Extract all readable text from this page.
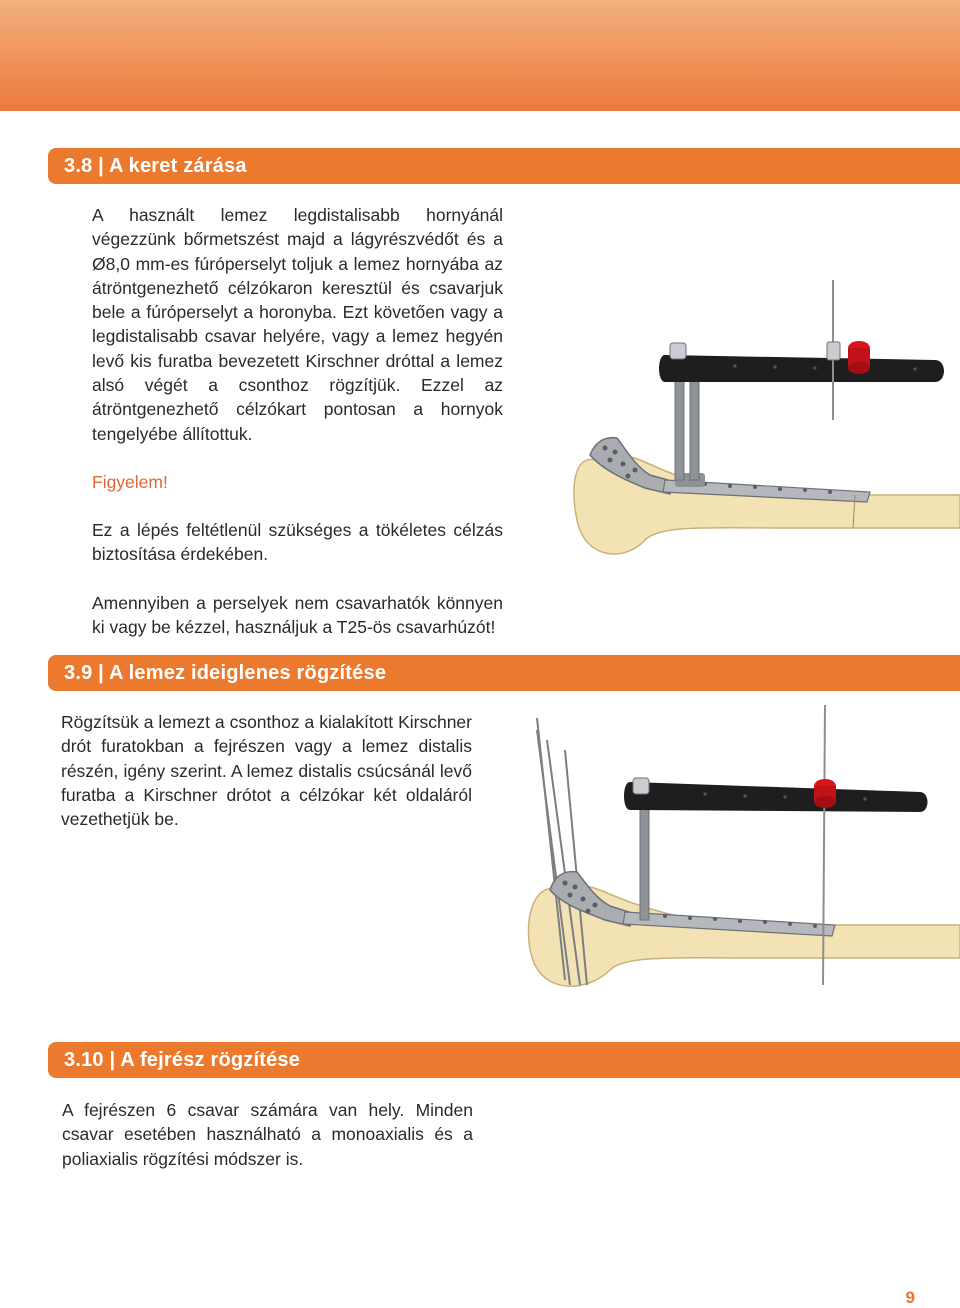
3.8 | A keret zárása

A használt lemez legdistalisabb hornyánál végezzünk bőrmetszést majd a lágyrészvédőt és a Ø8,0 mm-es fúróperselyt toljuk a lemez hornyába az átröntgenezhető célzókaron keresztül és csavarjuk bele a fúróperselyt a horonyba. Ezt követően vagy a legdistalisabb csavar helyére, vagy a lemez hegyén levő kis furatba bevezetett Kirschner dróttal a lemez alsó végét a csonthoz rögzítjük. Ezzel az átröntgenezhető célzókart pontosan a hornyok tengelyébe állítottuk.

Figyelem!

Ez a lépés feltétlenül szükséges a tökéletes célzás biztosítása érdekében.

Amennyiben a perselyek nem csavarhatók könnyen ki vagy be kézzel, használjuk a T25-ös csavarhúzót!

3.9 | A lemez ideiglenes rögzítése

Rögzítsük a lemezt a csonthoz a kialakított Kirschner drót furatokban a fejrészen vagy a lemez distalis részén, igény szerint. A lemez distalis csúcsánál levő furatba a Kirschner drótot a célzókar két oldaláról vezethetjük be.

3.10 | A fejrész rögzítése

A fejrészen 6 csavar számára van hely. Minden csavar esetében használható a monoaxialis és a poliaxialis rögzítési módszer is.

9
